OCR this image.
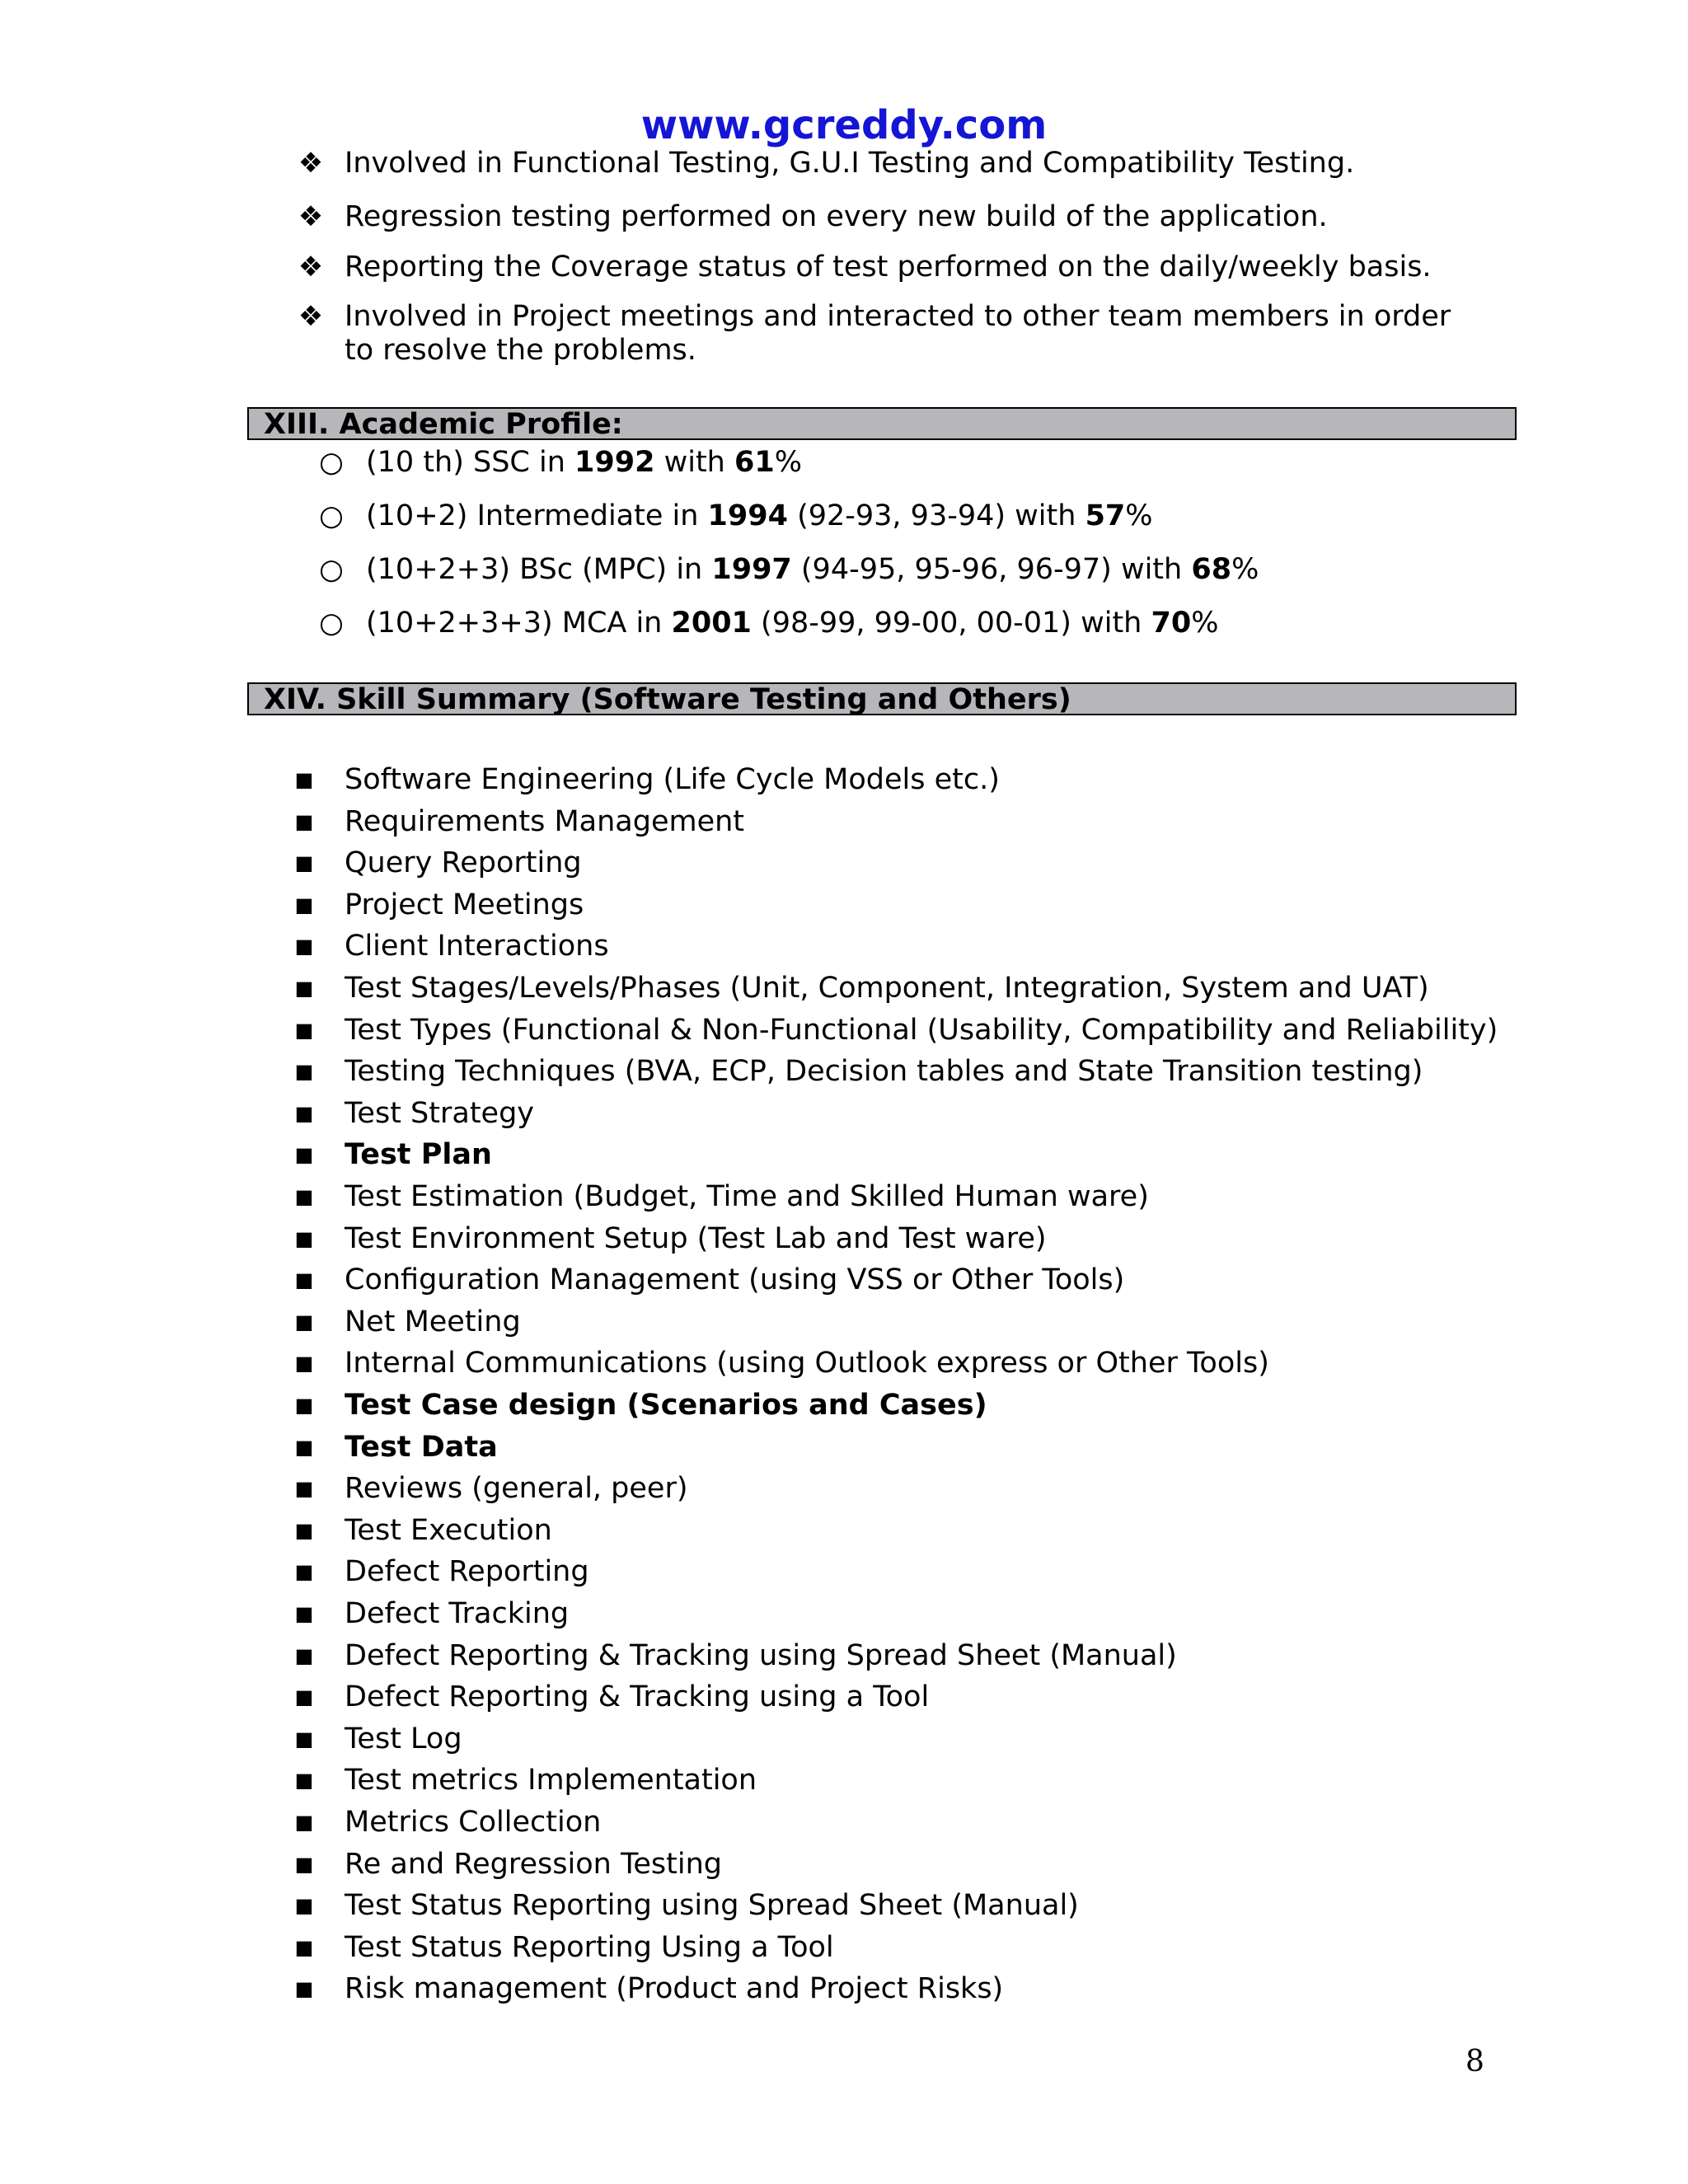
www.gcreddy.com
❖ Involved in Functional Testing, G.U.I Testing and Compatibility Testing.
❖ Regression testing performed on every new build of the application.
❖ Reporting the Coverage status of test performed on the daily/weekly basis.
❖ Involved in Project meetings and interacted to other team members in order to resolve the problems.
XIII. Academic Profile:
○ (10 th) SSC in 1992 with 61%
○ (10+2) Intermediate in 1994 (92-93, 93-94) with 57%
○ (10+2+3) BSc (MPC) in 1997 (94-95, 95-96, 96-97) with 68%
○ (10+2+3+3) MCA in 2001 (98-99, 99-00, 00-01) with 70%
XIV. Skill Summary (Software Testing and Others)
■ Software Engineering (Life Cycle Models etc.)
■ Requirements Management
■ Query Reporting
■ Project Meetings
■ Client Interactions
■ Test Stages/Levels/Phases (Unit, Component, Integration, System and UAT)
■ Test Types (Functional & Non-Functional (Usability, Compatibility and Reliability)
■ Testing Techniques (BVA, ECP, Decision tables and State Transition testing)
■ Test Strategy
■ Test Plan
■ Test Estimation (Budget, Time and Skilled Human ware)
■ Test Environment Setup (Test Lab and Test ware)
■ Configuration Management (using VSS or Other Tools)
■ Net Meeting
■ Internal Communications (using Outlook express or Other Tools)
■ Test Case design (Scenarios and Cases)
■ Test Data
■ Reviews (general, peer)
■ Test Execution
■ Defect Reporting
■ Defect Tracking
■ Defect Reporting & Tracking using Spread Sheet (Manual)
■ Defect Reporting & Tracking using a Tool
■ Test Log
■ Test metrics Implementation
■ Metrics Collection
■ Re and Regression Testing
■ Test Status Reporting using Spread Sheet (Manual)
■ Test Status Reporting Using a Tool
■ Risk management (Product and Project Risks)
8
